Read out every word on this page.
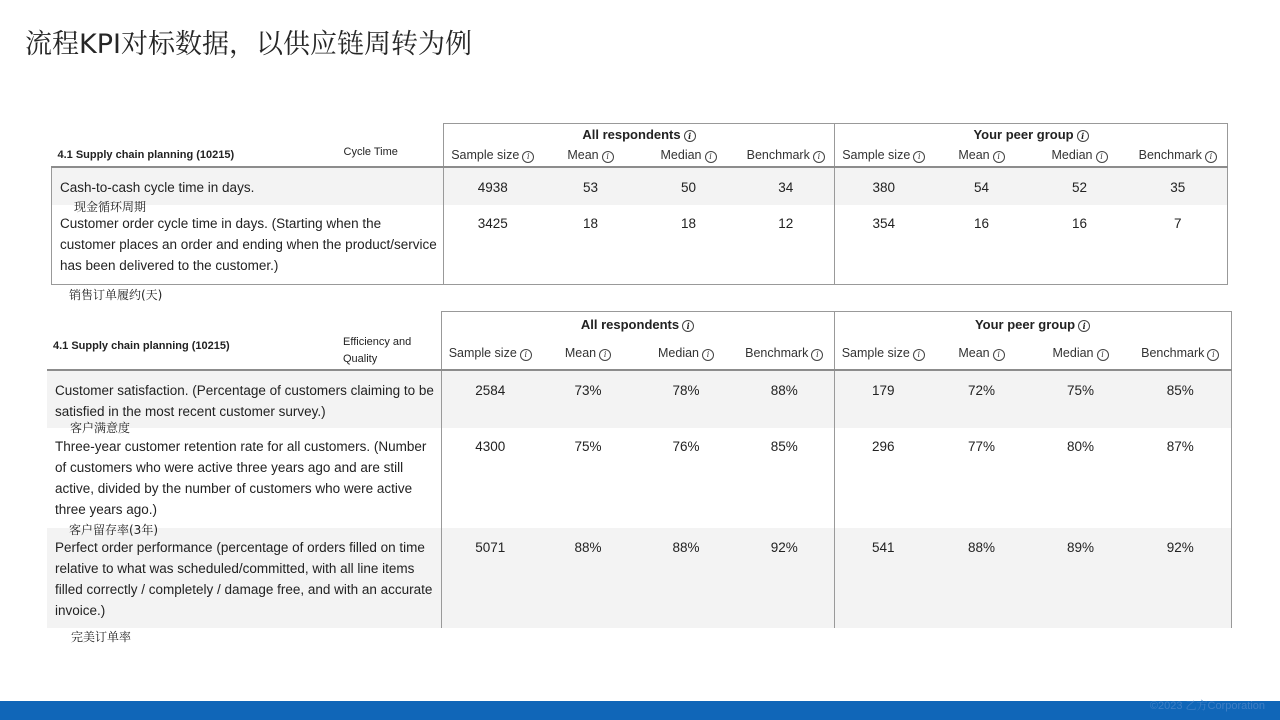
流程KPI对标数据，以供应链周转为例
		All respondents i				Your peer group i			
4.1 Supply chain planning (10215)	Cycle Time	Sample size i	Mean i	Median i	Benchmark i	Sample size i	Mean i	Median i	Benchmark i
Cash-to-cash cycle time in days.		4938	53	50	34	380	54	52	35
Customer order cycle time in days. (Starting when the customer places an order and ending when the product/service has been delivered to the customer.)		3425	18	18	12	354	16	16	7
		All respondents i				Your peer group i			
4.1 Supply chain planning (10215)	Efficiency and Quality	Sample size i	Mean i	Median i	Benchmark i	Sample size i	Mean i	Median i	Benchmark i
Customer satisfaction. (Percentage of customers claiming to be satisfied in the most recent customer survey.)		2584	73%	78%	88%	179	72%	75%	85%
Three-year customer retention rate for all customers. (Number of customers who were active three years ago and are still active, divided by the number of customers who were active three years ago.)		4300	75%	76%	85%	296	77%	80%	87%
Perfect order performance (percentage of orders filled on time relative to what was scheduled/committed, with all line items filled correctly / completely / damage free, and with an accurate invoice.)		5071	88%	88%	92%	541	88%	89%	92%
现金循环周期
销售订单履约(天)
客户满意度
客户留存率(3年)
完美订单率
©2023 乙方Corporation
